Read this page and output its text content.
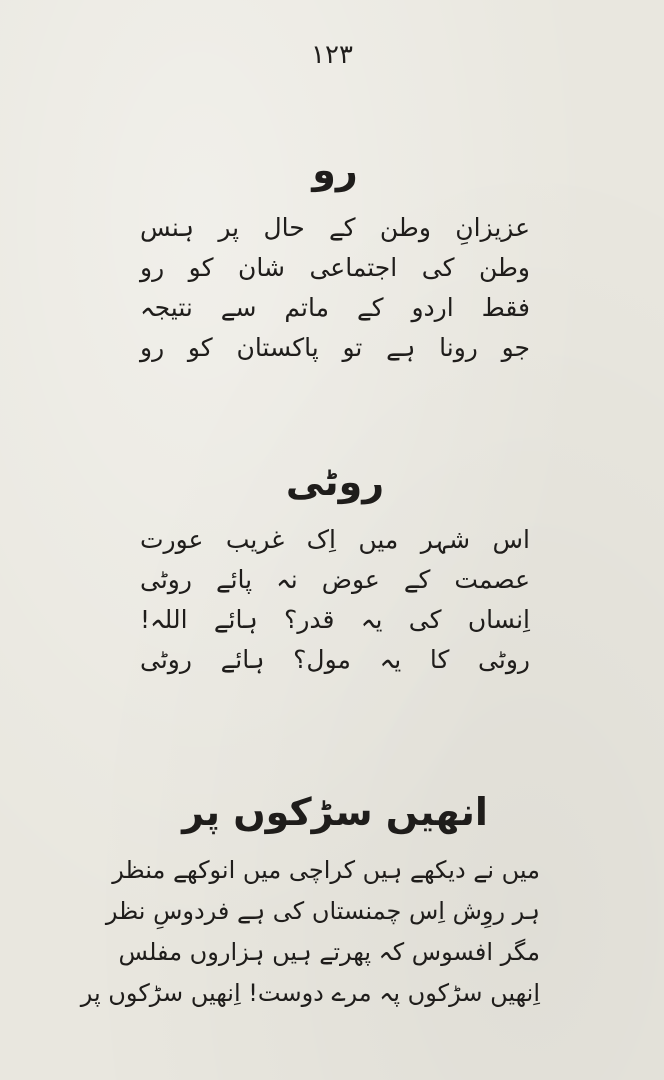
۱۲۳
رو
عزیزانِ وطن کے حال پر ہنس
وطن کی اجتماعی شان کو رو
فقط اردو کے ماتم سے نتیجہ
جو رونا ہے تو پاکستان کو رو
روٹی
اس شہر میں اِک غریب عورت
عصمت کے عوض نہ پائے روٹی
اِنساں کی یہ قدر؟ ہائے اللہ!
روٹی کا یہ مول؟ ہائے روٹی
انھیں سڑکوں پر
میں نے دیکھے ہیں کراچی میں انوکھے منظر
ہر روِش اِس چمنستاں کی ہے فردوسِ نظر
مگر افسوس کہ پھرتے ہیں ہزاروں مفلس
اِنھیں سڑکوں پہ مرے دوست! اِنھیں سڑکوں پر
